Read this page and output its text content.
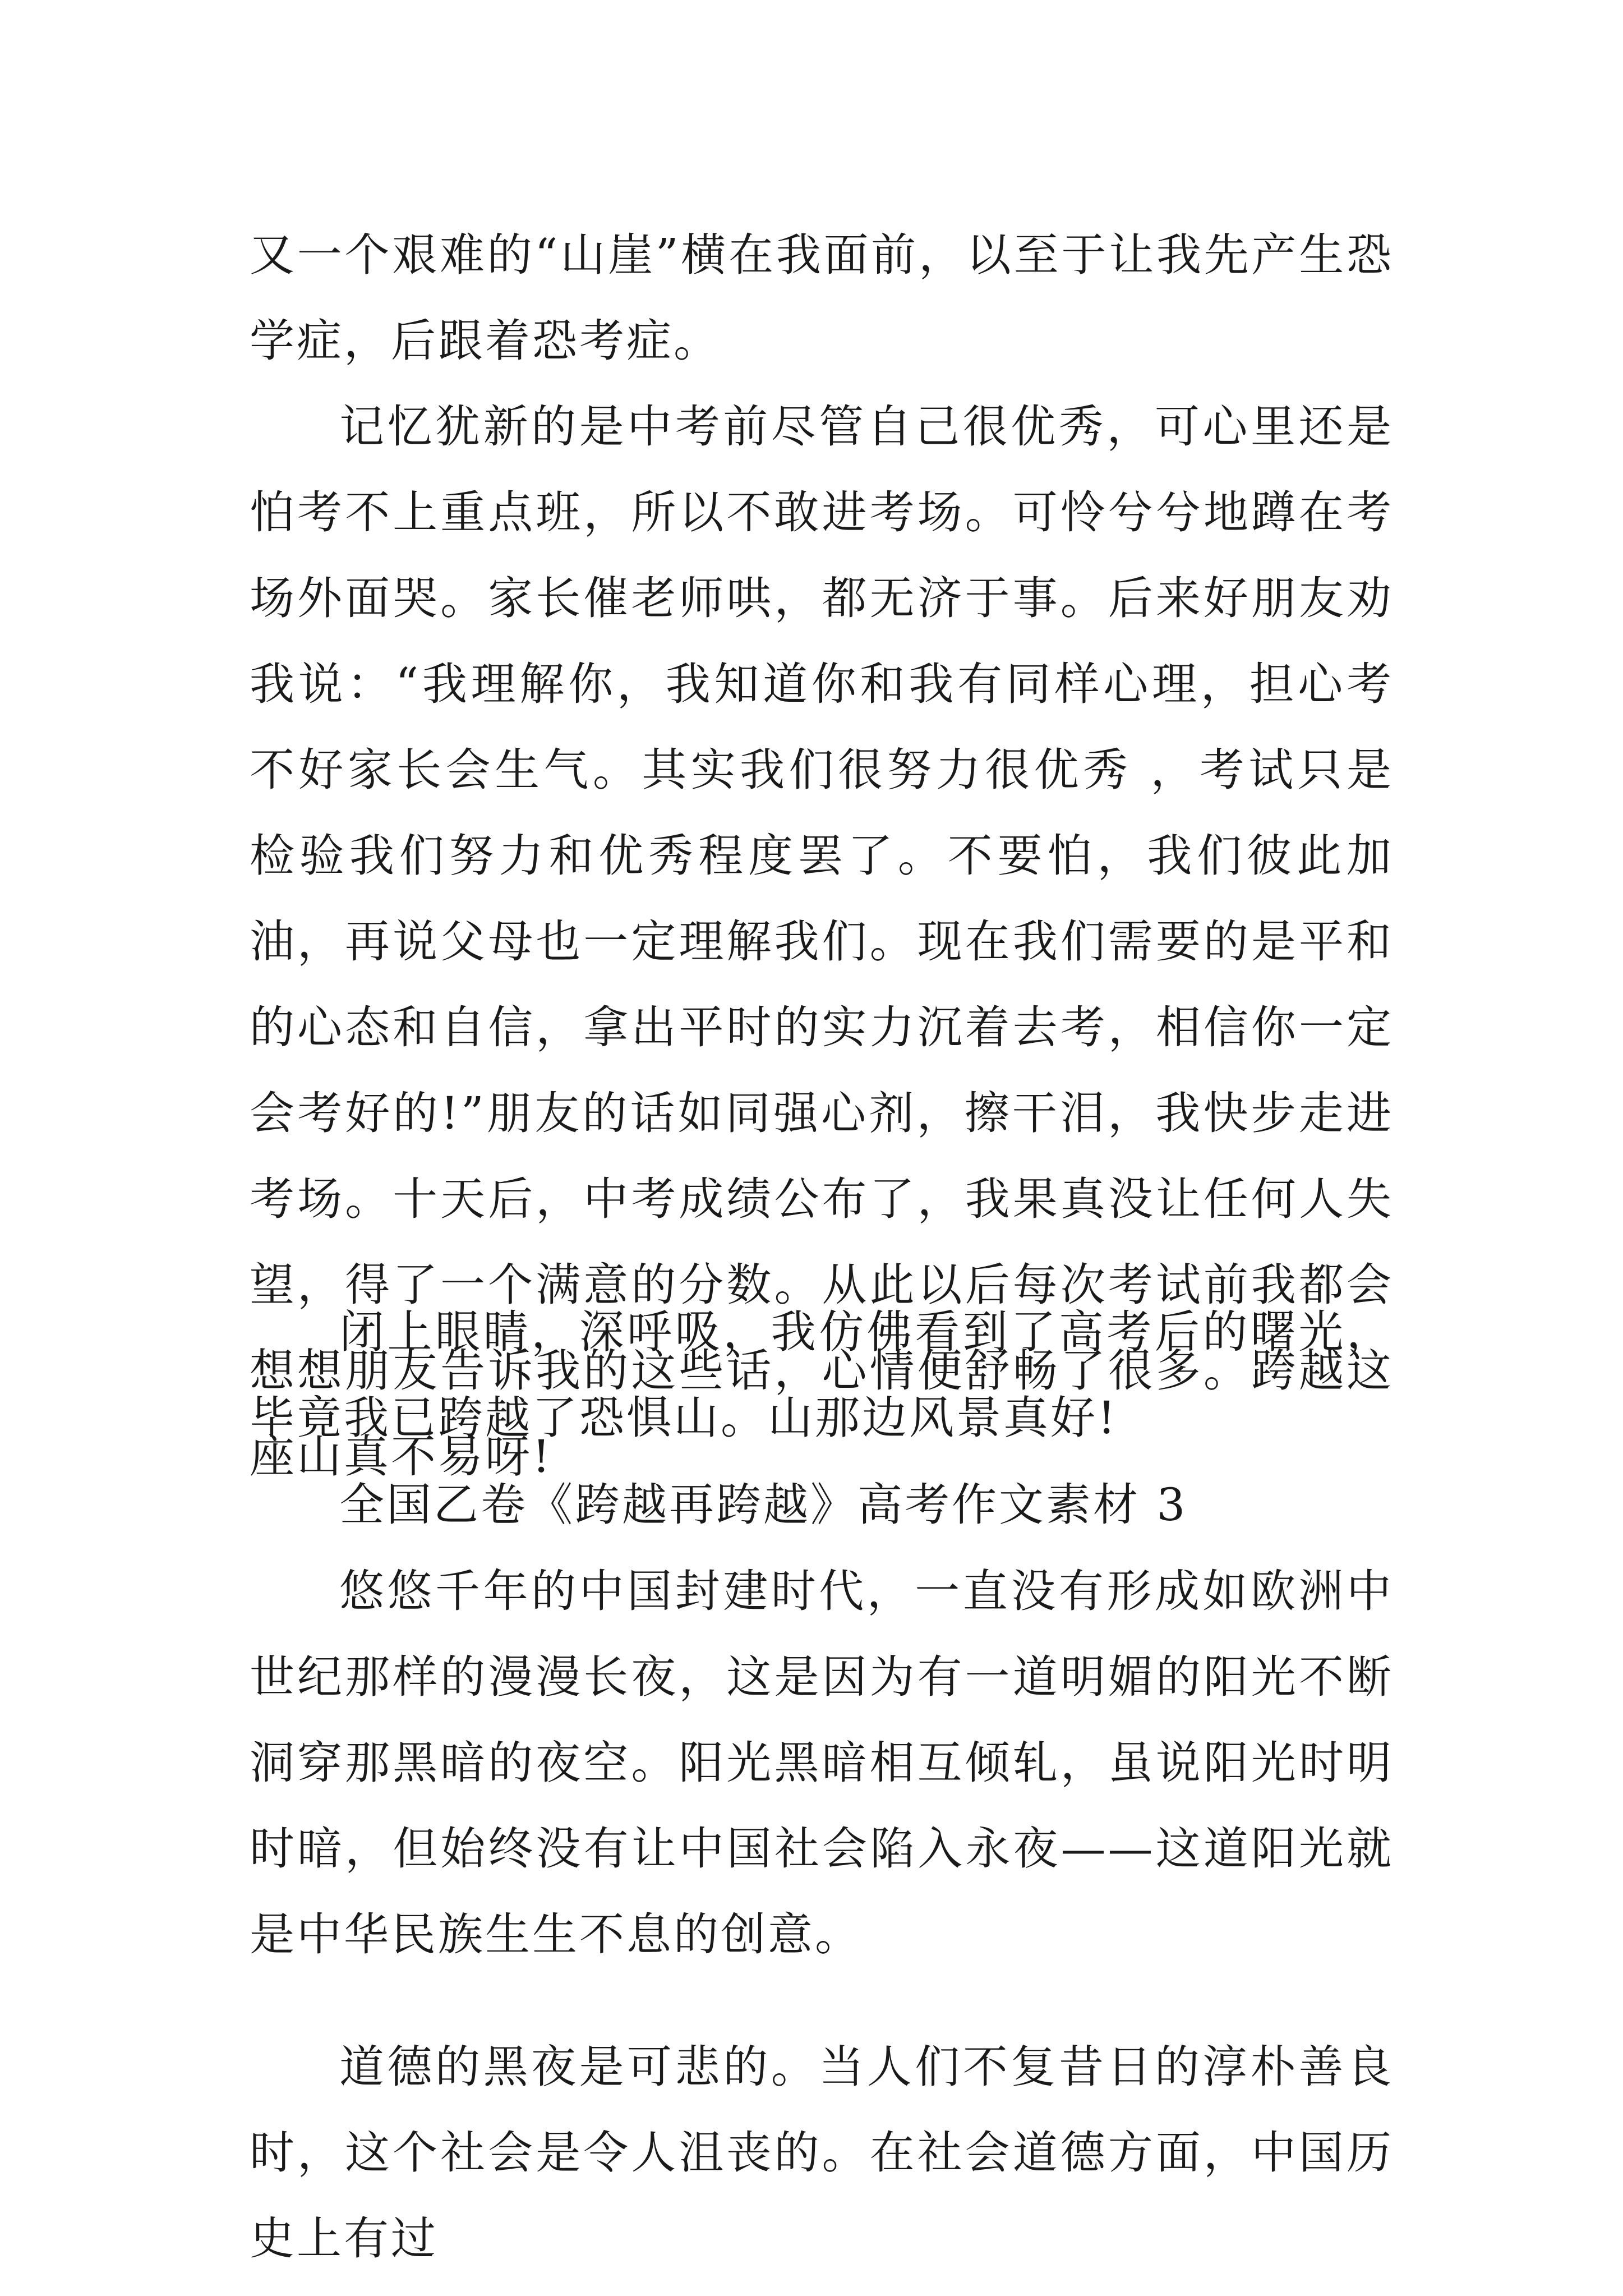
又一个艰难的“山崖”横在我面前，以至于让我先产生恐学症，后跟着恐考症。

记忆犹新的是中考前尽管自己很优秀，可心里还是怕考不上重点班，所以不敢进考场。可怜兮兮地蹲在考场外面哭。家长催老师哄，都无济于事。后来好朋友劝我说：“我理解你，我知道你和我有同样心理，担心考不好家长会生气。其实我们很努力很优秀 ，考试只是检验我们努力和优秀程度罢了。不要怕，我们彼此加油，再说父母也一定理解我们。现在我们需要的是平和的心态和自信，拿出平时的实力沉着去考，相信你一定会考好的!”朋友的话如同强心剂，擦干泪，我快步走进考场。十天后，中考成绩公布了，我果真没让任何人失望，得了一个满意的分数。从此以后每次考试前我都会想想朋友告诉我的这些话，心情便舒畅了很多。跨越这座山真不易呀!

闭上眼睛，深呼吸，我仿佛看到了高考后的曙光，毕竟我已跨越了恐惧山。山那边风景真好!

全国乙卷《跨越再跨越》高考作文素材 3

悠悠千年的中国封建时代，一直没有形成如欧洲中世纪那样的漫漫长夜，这是因为有一道明媚的阳光不断洞穿那黑暗的夜空。阳光黑暗相互倾轧，虽说阳光时明时暗，但始终没有让中国社会陷入永夜——这道阳光就是中华民族生生不息的创意。

道德的黑夜是可悲的。当人们不复昔日的淳朴善良时，这个社会是令人沮丧的。在社会道德方面，中国历史上有过
